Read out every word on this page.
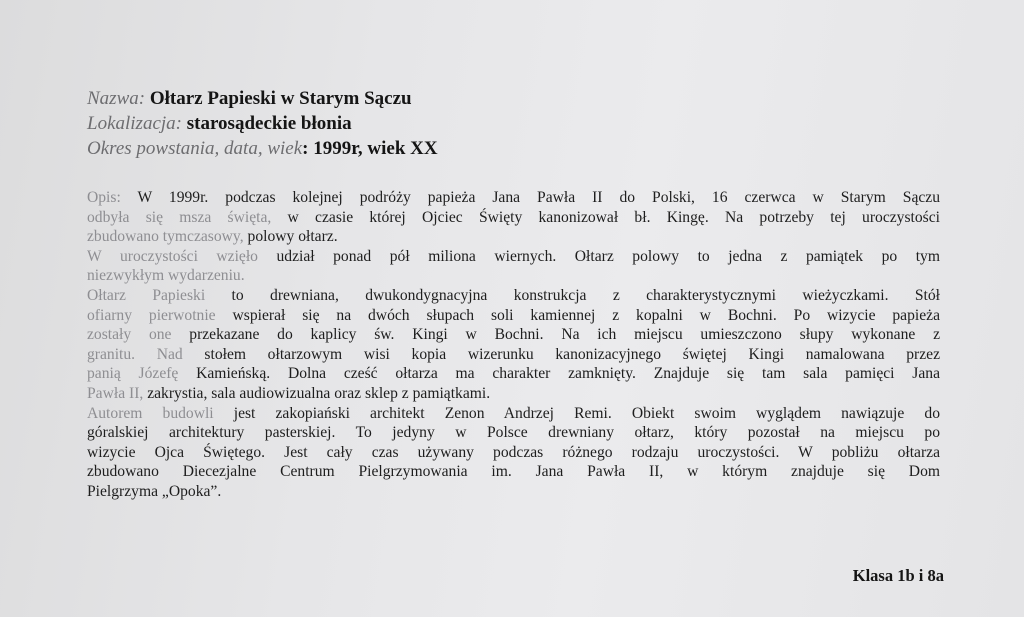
Nazwa: Ołtarz Papieski w Starym Sączu
Lokalizacja: starosądeckie błonia
Okres powstania, data, wiek: 1999r, wiek XX
Opis: W 1999r. podczas kolejnej podróży papieża Jana Pawła II do Polski, 16 czerwca w Starym Sączu
odbyła się msza święta, w czasie której Ojciec Święty kanonizował bł. Kingę. Na potrzeby tej uroczystości
zbudowano tymczasowy, polowy ołtarz.
W uroczystości wzięło udział ponad pół miliona wiernych. Ołtarz polowy to jedna z pamiątek po tym
niezwykłym wydarzeniu.
Ołtarz Papieski to drewniana, dwukondygnacyjna konstrukcja z charakterystycznymi wieżyczkami. Stół
ofiarny pierwotnie wspierał się na dwóch słupach soli kamiennej z kopalni w Bochni. Po wizycie papieża
zostały one przekazane do kaplicy św. Kingi w Bochni. Na ich miejscu umieszczono słupy wykonane z
granitu. Nad stołem ołtarzowym wisi kopia wizerunku kanonizacyjnego świętej Kingi namalowana przez
panią Józefę Kamieńską. Dolna cześć ołtarza ma charakter zamknięty. Znajduje się tam sala pamięci Jana
Pawła II, zakrystia, sala audiowizualna oraz sklep z pamiątkami.
Autorem budowli jest zakopiański architekt Zenon Andrzej Remi. Obiekt swoim wyglądem nawiązuje do
góralskiej architektury pasterskiej. To jedyny w Polsce drewniany ołtarz, który pozostał na miejscu po
wizycie Ojca Świętego. Jest cały czas używany podczas różnego rodzaju uroczystości. W pobliżu ołtarza
zbudowano Diecezjalne Centrum Pielgrzymowania im. Jana Pawła II, w którym znajduje się Dom
Pielgrzyma „Opoka”.
Klasa 1b i 8a
